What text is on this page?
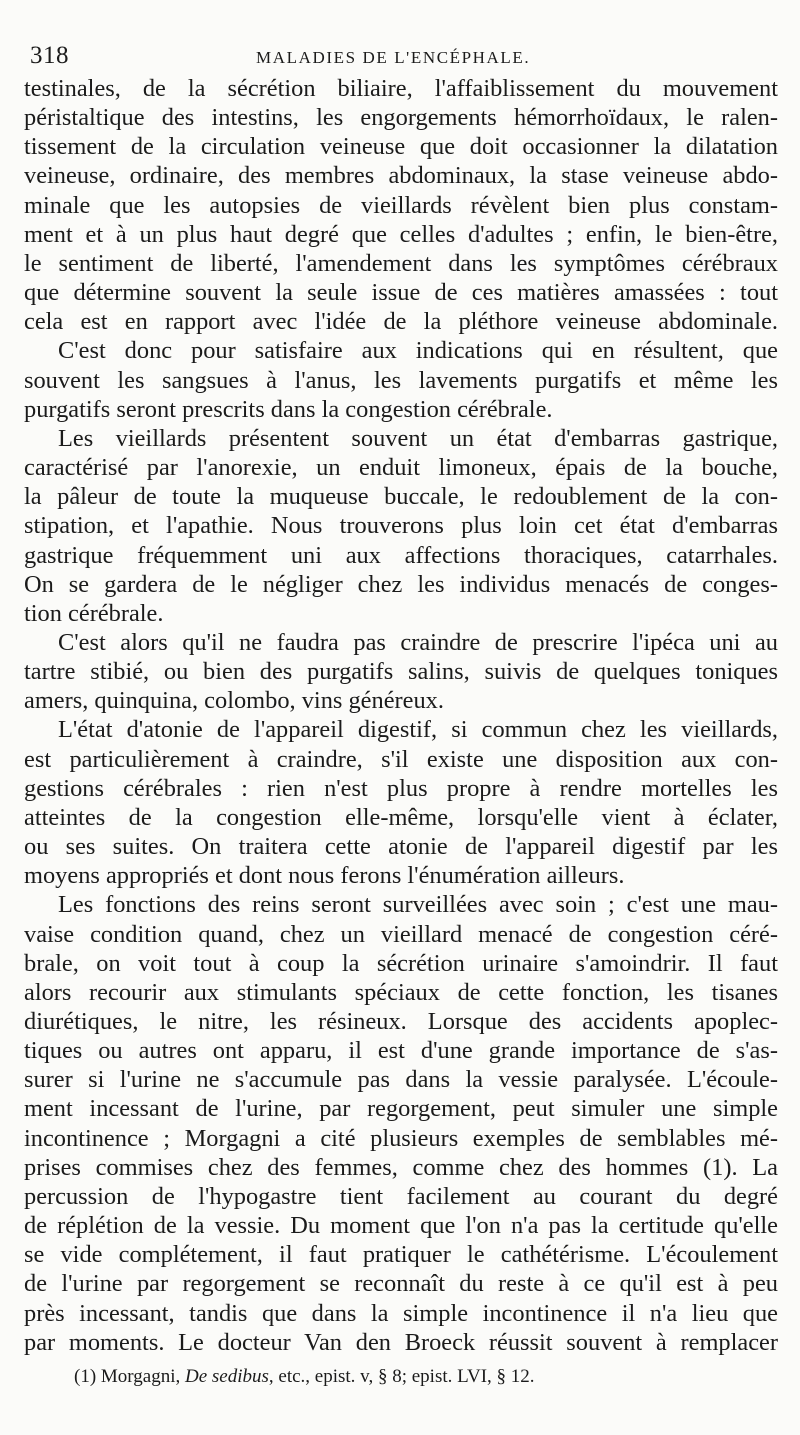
318	MALADIES DE L'ENCÉPHALE.
testinales, de la sécrétion biliaire, l'affaiblissement du mouvement
péristaltique des intestins, les engorgements hémorrhoïdaux, le ralen-
tissement de la circulation veineuse que doit occasionner la dilatation
veineuse, ordinaire, des membres abdominaux, la stase veineuse abdo-
minale que les autopsies de vieillards révèlent bien plus constam-
ment et à un plus haut degré que celles d'adultes ; enfin, le bien-être,
le sentiment de liberté, l'amendement dans les symptômes cérébraux
que détermine souvent la seule issue de ces matières amassées : tout
cela est en rapport avec l'idée de la pléthore veineuse abdominale.
C'est donc pour satisfaire aux indications qui en résultent, que
souvent les sangsues à l'anus, les lavements purgatifs et même les
purgatifs seront prescrits dans la congestion cérébrale.
Les vieillards présentent souvent un état d'embarras gastrique,
caractérisé par l'anorexie, un enduit limoneux, épais de la bouche,
la pâleur de toute la muqueuse buccale, le redoublement de la con-
stipation, et l'apathie. Nous trouverons plus loin cet état d'embarras
gastrique fréquemment uni aux affections thoraciques, catarrhales.
On se gardera de le négliger chez les individus menacés de conges-
tion cérébrale.
C'est alors qu'il ne faudra pas craindre de prescrire l'ipéca uni au
tartre stibié, ou bien des purgatifs salins, suivis de quelques toniques
amers, quinquina, colombo, vins généreux.
L'état d'atonie de l'appareil digestif, si commun chez les vieillards,
est particulièrement à craindre, s'il existe une disposition aux con-
gestions cérébrales : rien n'est plus propre à rendre mortelles les
atteintes de la congestion elle-même, lorsqu'elle vient à éclater,
ou ses suites. On traitera cette atonie de l'appareil digestif par les
moyens appropriés et dont nous ferons l'énumération ailleurs.
Les fonctions des reins seront surveillées avec soin ; c'est une mau-
vaise condition quand, chez un vieillard menacé de congestion céré-
brale, on voit tout à coup la sécrétion urinaire s'amoindrir. Il faut
alors recourir aux stimulants spéciaux de cette fonction, les tisanes
diurétiques, le nitre, les résineux. Lorsque des accidents apoplec-
tiques ou autres ont apparu, il est d'une grande importance de s'as-
surer si l'urine ne s'accumule pas dans la vessie paralysée. L'écoule-
ment incessant de l'urine, par regorgement, peut simuler une simple
incontinence ; Morgagni a cité plusieurs exemples de semblables mé-
prises commises chez des femmes, comme chez des hommes (1). La
percussion de l'hypogastre tient facilement au courant du degré
de réplétion de la vessie. Du moment que l'on n'a pas la certitude qu'elle
se vide complétement, il faut pratiquer le cathétérisme. L'écoulement
de l'urine par regorgement se reconnaît du reste à ce qu'il est à peu
près incessant, tandis que dans la simple incontinence il n'a lieu que
par moments. Le docteur Van den Broeck réussit souvent à remplacer
(1) Morgagni, De sedibus, etc., epist. v, § 8; epist. LVI, § 12.
